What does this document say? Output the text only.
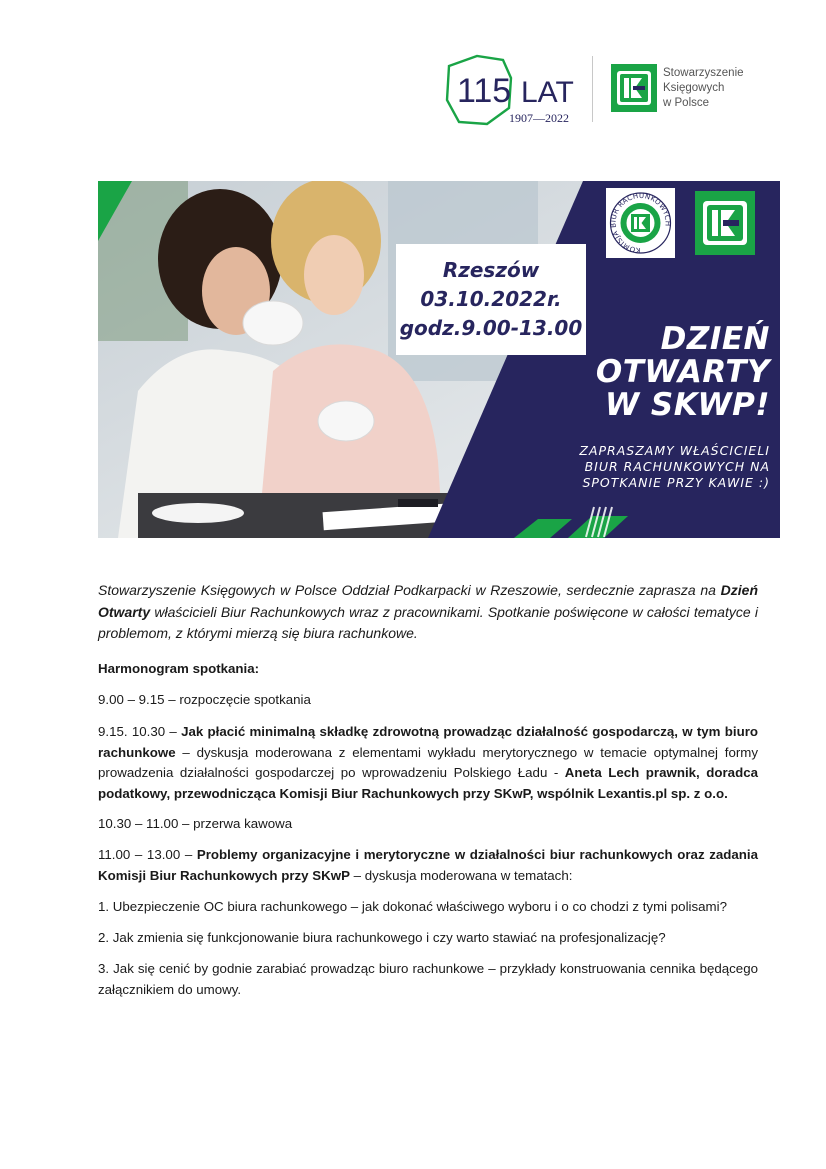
115 LAT
1907—2022
Stowarzyszenie
Księgowych
w Polsce
Rzeszów
03.10.2022r.
godz.9.00-13.00
KOMISJA BIUR RACHUNKOWYCH
DZIEŃ
OTWARTY
W SKWP!
ZAPRASZAMY WŁAŚCICIELI
BIUR RACHUNKOWYCH NA
SPOTKANIE PRZY KAWIE :)

Stowarzyszenie Księgowych w Polsce Oddział Podkarpacki w Rzeszowie, serdecznie zaprasza na Dzień Otwarty właścicieli Biur Rachunkowych wraz z pracownikami. Spotkanie poświęcone w całości tematyce i problemom, z którymi mierzą się biura rachunkowe.

Harmonogram spotkania:

9.00 – 9.15 – rozpoczęcie spotkania

9.15. 10.30 – Jak płacić minimalną składkę zdrowotną prowadząc działalność gospodarczą, w tym biuro rachunkowe – dyskusja moderowana z elementami wykładu merytorycznego w temacie optymalnej formy prowadzenia działalności gospodarczej po wprowadzeniu Polskiego Ładu - Aneta Lech prawnik, doradca podatkowy, przewodnicząca Komisji Biur Rachunkowych przy SKwP, wspólnik Lexantis.pl sp. z o.o.

10.30 – 11.00 – przerwa kawowa

11.00 – 13.00 – Problemy organizacyjne i merytoryczne w działalności biur rachunkowych oraz zadania Komisji Biur Rachunkowych przy SKwP – dyskusja moderowana w tematach:

1. Ubezpieczenie OC biura rachunkowego – jak dokonać właściwego wyboru i o co chodzi z tymi polisami?

2. Jak zmienia się funkcjonowanie biura rachunkowego i czy warto stawiać na profesjonalizację?

3. Jak się cenić by godnie zarabiać prowadząc biuro rachunkowe – przykłady konstruowania cennika będącego załącznikiem do umowy.
